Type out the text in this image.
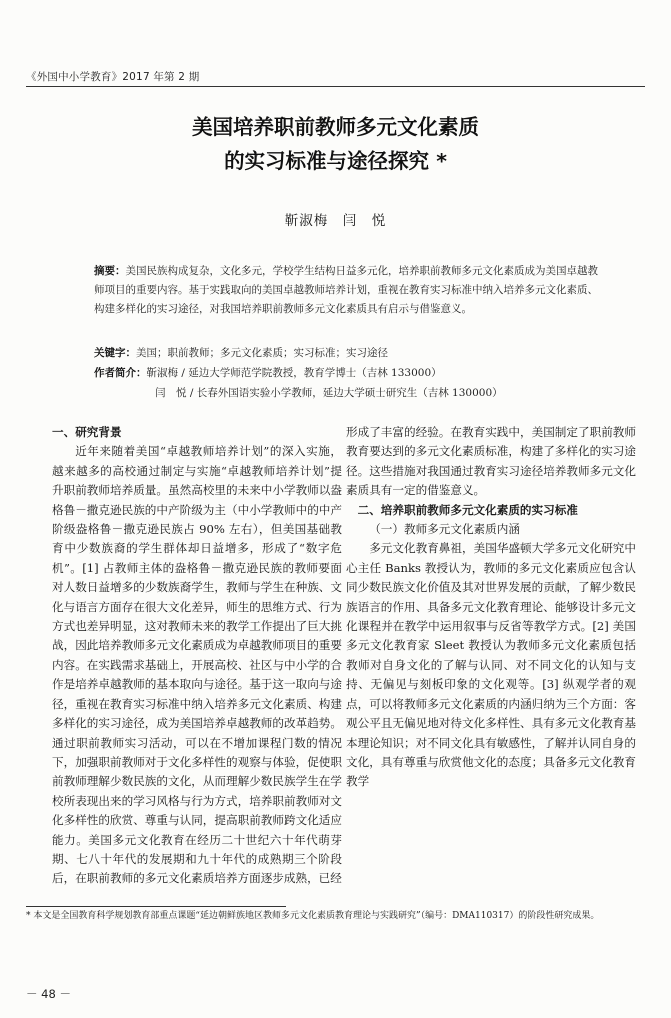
《外国中小学教育》2017 年第 2 期
美国培养职前教师多元文化素质
的实习标准与途径探究 *
靳淑梅　闫　悦
摘要：美国民族构成复杂，文化多元，学校学生结构日益多元化，培养职前教师多元文化素质成为美国卓越教师项目的重要内容。基于实践取向的美国卓越教师培养计划，重视在教育实习标准中纳入培养多元文化素质、构建多样化的实习途径，对我国培养职前教师多元文化素质具有启示与借鉴意义。
关键字：美国；职前教师；多元文化素质；实习标准；实习途径
作者简介：靳淑梅 / 延边大学师范学院教授，教育学博士（吉林 133000）
闫　悦 / 长春外国语实验小学教师，延边大学硕士研究生（吉林 130000）

一、研究背景

近年来随着美国“卓越教师培养计划”的深入实施，越来越多的高校通过制定与实施“卓越教师培养计划”提升职前教师培养质量。虽然高校里的未来中小学教师以盎格鲁－撒克逊民族的中产阶级为主（中小学教师中的中产阶级盎格鲁－撒克逊民族占 90% 左右），但美国基础教育中少数族裔的学生群体却日益增多，形成了“数字危机”。[1] 占教师主体的盎格鲁－撒克逊民族的教师要面对人数日益增多的少数族裔学生，教师与学生在种族、文化与语言方面存在很大文化差异，师生的思维方式、行为方式也差异明显，这对教师未来的教学工作提出了巨大挑战，因此培养教师多元文化素质成为卓越教师项目的重要内容。在实践需求基础上，开展高校、社区与中小学的合作是培养卓越教师的基本取向与途径。基于这一取向与途径，重视在教育实习标准中纳入培养多元文化素质、构建多样化的实习途径，成为美国培养卓越教师的改革趋势。通过职前教师实习活动，可以在不增加课程门数的情况下，加强职前教师对于文化多样性的观察与体验，促使职前教师理解少数民族的文化，从而理解少数民族学生在学校所表现出来的学习风格与行为方式，培养职前教师对文化多样性的欣赏、尊重与认同，提高职前教师跨文化适应能力。美国多元文化教育在经历二十世纪六十年代萌芽期、七八十年代的发展期和九十年代的成熟期三个阶段后，在职前教师的多元文化素质培养方面逐步成熟，已经

形成了丰富的经验。在教育实践中，美国制定了职前教师教育要达到的多元文化素质标准，构建了多样化的实习途径。这些措施对我国通过教育实习途径培养教师多元文化素质具有一定的借鉴意义。

二、培养职前教师多元文化素质的实习标准

（一）教师多元文化素质内涵

多元文化教育鼻祖，美国华盛顿大学多元文化研究中心主任 Banks 教授认为，教师的多元文化素质应包含认同少数民族文化价值及其对世界发展的贡献，了解少数民族语言的作用、具备多元文化教育理论、能够设计多元文化课程并在教学中运用叙事与反省等教学方式。[2] 美国多元文化教育家 Sleet 教授认为教师多元文化素质包括教师对自身文化的了解与认同、对不同文化的认知与支持、无偏见与刻板印象的文化观等。[3] 纵观学者的观点，可以将教师多元文化素质的内涵归纳为三个方面：客观公平且无偏见地对待文化多样性、具有多元文化教育基本理论知识；对不同文化具有敏感性，了解并认同自身的文化，具有尊重与欣赏他文化的态度；具备多元文化教育教学

* 本文是全国教育科学规划教育部重点课题“延边朝鲜族地区教师多元文化素质教育理论与实践研究”（编号：DMA110317）的阶段性研究成果。
－ 48 －
